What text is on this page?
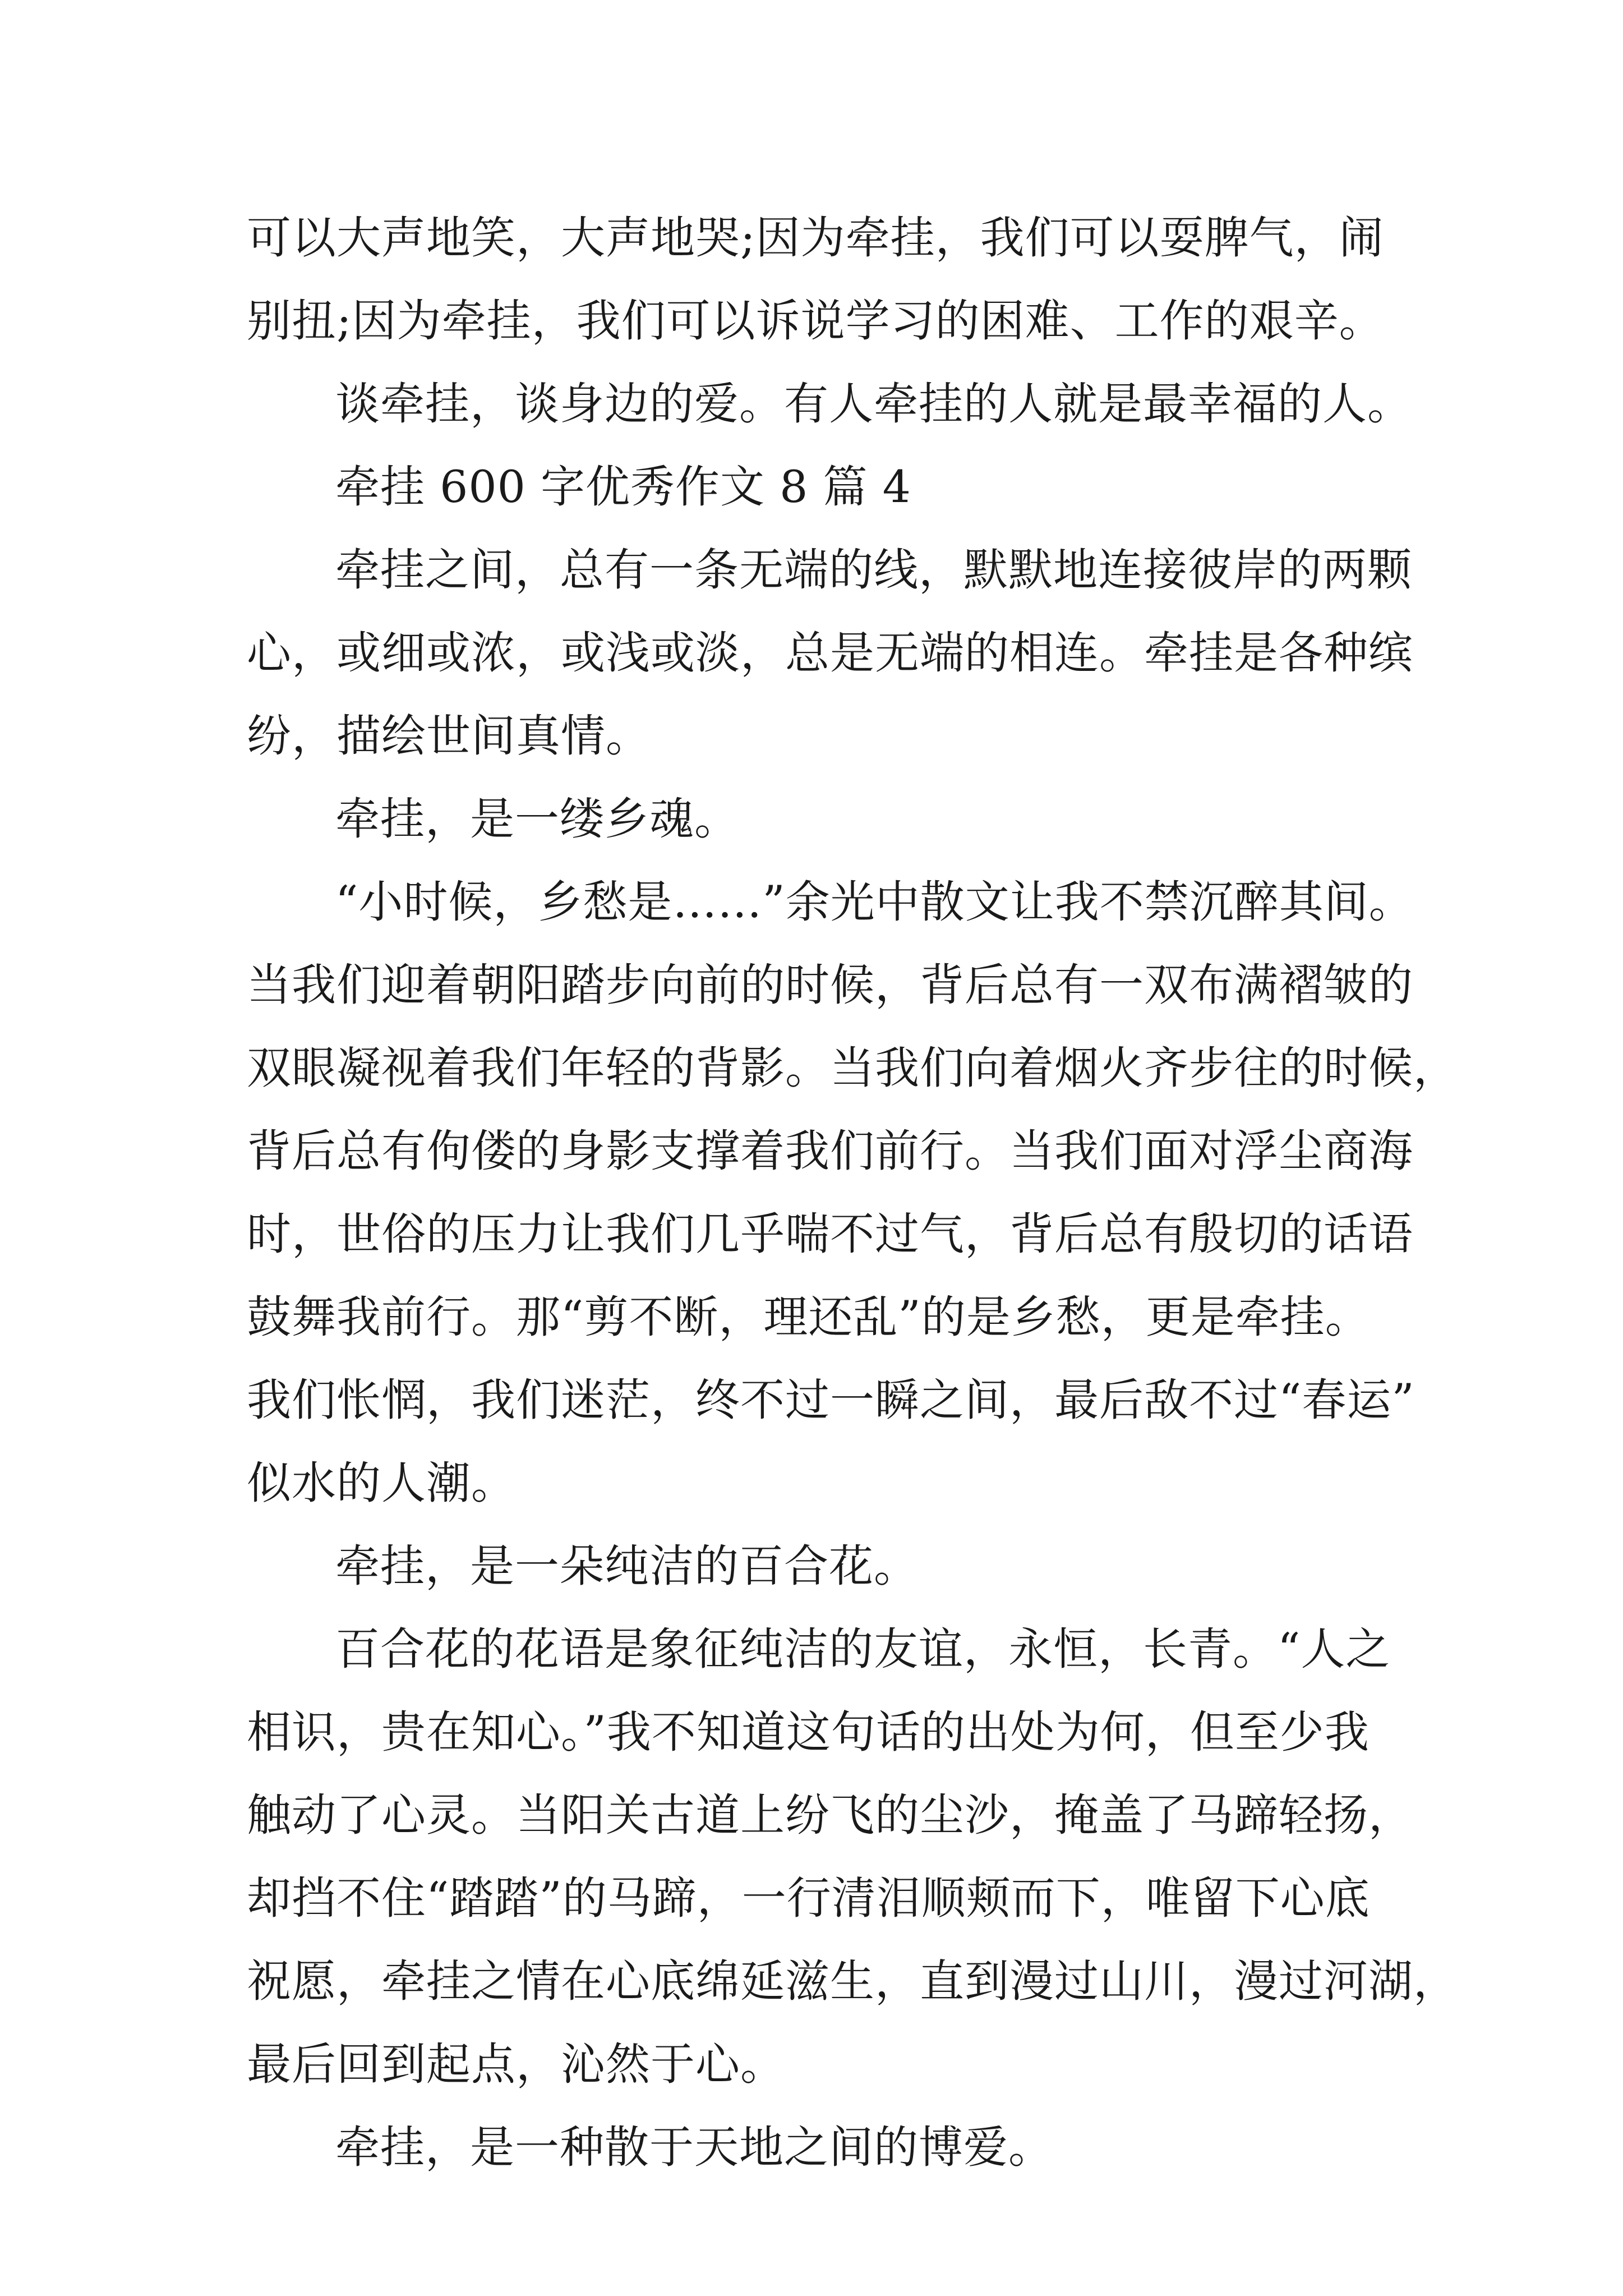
可以大声地笑，大声地哭;因为牵挂，我们可以耍脾气，闹

别扭;因为牵挂，我们可以诉说学习的困难、工作的艰辛。

谈牵挂，谈身边的爱。有人牵挂的人就是最幸福的人。

牵挂 600 字优秀作文 8 篇 4

牵挂之间，总有一条无端的线，默默地连接彼岸的两颗

心，或细或浓，或浅或淡，总是无端的相连。牵挂是各种缤

纷，描绘世间真情。

牵挂，是一缕乡魂。

“小时候，乡愁是……”余光中散文让我不禁沉醉其间。

当我们迎着朝阳踏步向前的时候，背后总有一双布满褶皱的

双眼凝视着我们年轻的背影。当我们向着烟火齐步往的时候，

背后总有佝偻的身影支撑着我们前行。当我们面对浮尘商海

时，世俗的压力让我们几乎喘不过气，背后总有殷切的话语

鼓舞我前行。那“剪不断，理还乱”的是乡愁，更是牵挂。

我们怅惘，我们迷茫，终不过一瞬之间，最后敌不过“春运”

似水的人潮。

牵挂，是一朵纯洁的百合花。

百合花的花语是象征纯洁的友谊，永恒，长青。“人之

相识，贵在知心。”我不知道这句话的出处为何，但至少我

触动了心灵。当阳关古道上纷飞的尘沙，掩盖了马蹄轻扬，

却挡不住“踏踏”的马蹄，一行清泪顺颊而下，唯留下心底

祝愿，牵挂之情在心底绵延滋生，直到漫过山川，漫过河湖，

最后回到起点，沁然于心。

牵挂，是一种散于天地之间的博爱。
